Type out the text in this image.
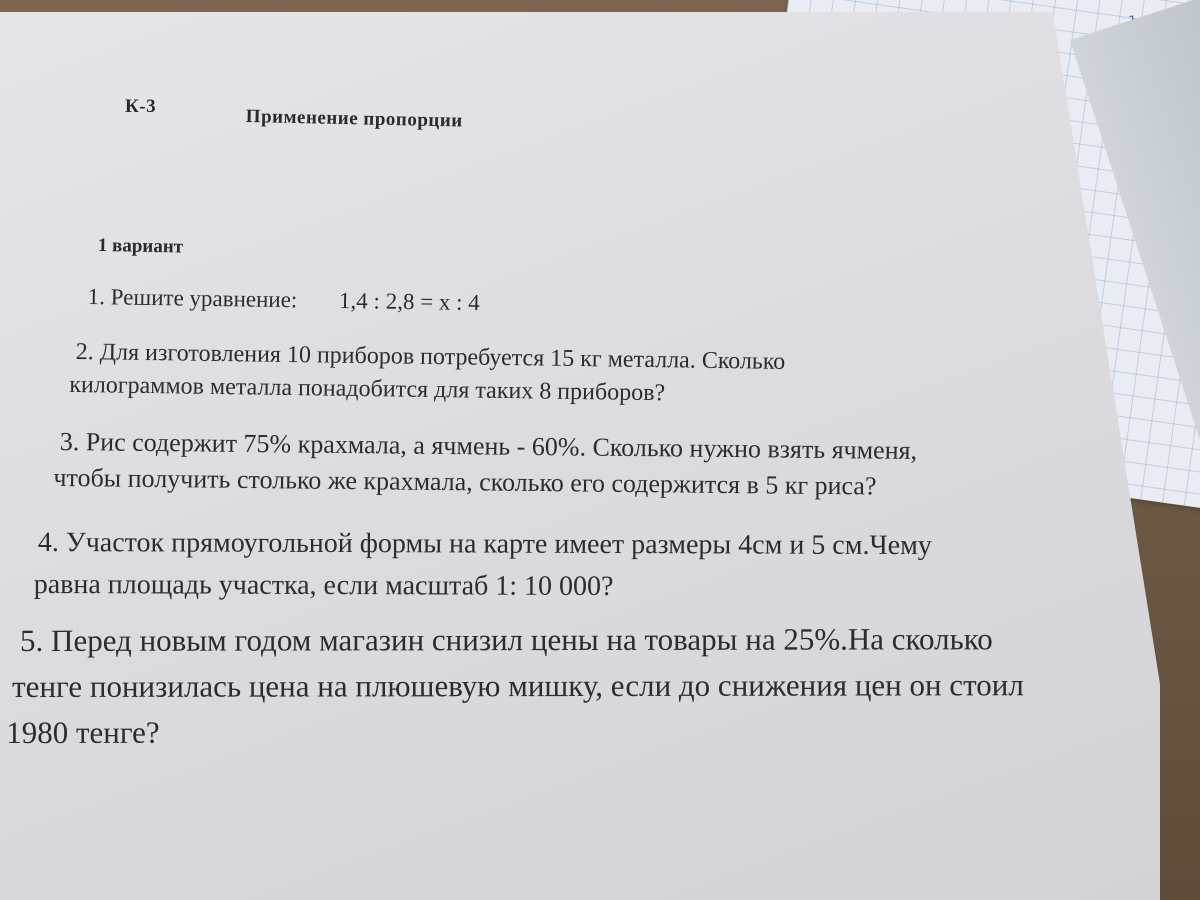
К-3	Применение пропорции
1 вариант
1. Решите уравнение: 1,4 : 2,8 = х : 4
2. Для изготовления 10 приборов потребуется 15 кг металла. Сколько
килограммов металла понадобится для таких 8 приборов?
3. Рис содержит 75% крахмала, а ячмень - 60%. Сколько нужно взять ячменя,
чтобы получить столько же крахмала, сколько его содержится в 5 кг риса?
4. Участок прямоугольной формы на карте имеет размеры 4см и 5 см.Чему
равна площадь участка, если масштаб 1: 10 000?
5. Перед новым годом магазин снизил цены на товары на 25%.На сколько
тенге понизилась цена на плюшевую мишку, если до снижения цен он стоил
1980 тенге?
